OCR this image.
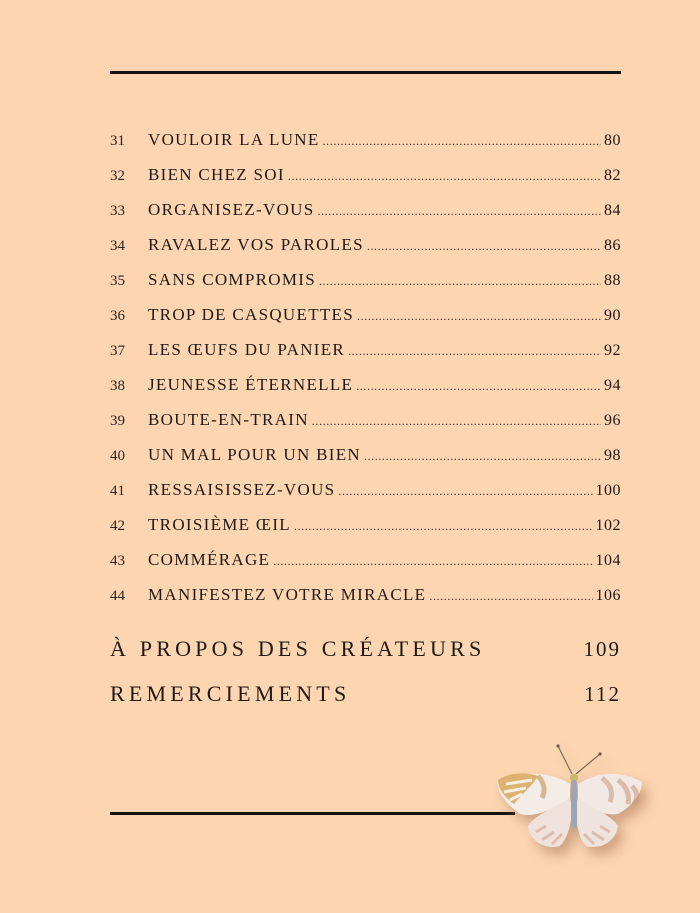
31	VOULOIR LA LUNE .....	80
32	BIEN CHEZ SOI .....	82
33	ORGANISEZ-VOUS .....	84
34	RAVALEZ VOS PAROLES .....	86
35	SANS COMPROMIS .....	88
36	TROP DE CASQUETTES .....	90
37	LES ŒUFS DU PANIER .....	92
38	JEUNESSE ÉTERNELLE .....	94
39	BOUTE-EN-TRAIN .....	96
40	UN MAL POUR UN BIEN .....	98
41	RESSAISISSEZ-VOUS .....	100
42	TROISIÈME ŒIL .....	102
43	COMMÉRAGE .....	104
44	MANIFESTEZ VOTRE MIRACLE .....	106
À PROPOS DES CRÉATEURS	109
REMERCIEMENTS	112
